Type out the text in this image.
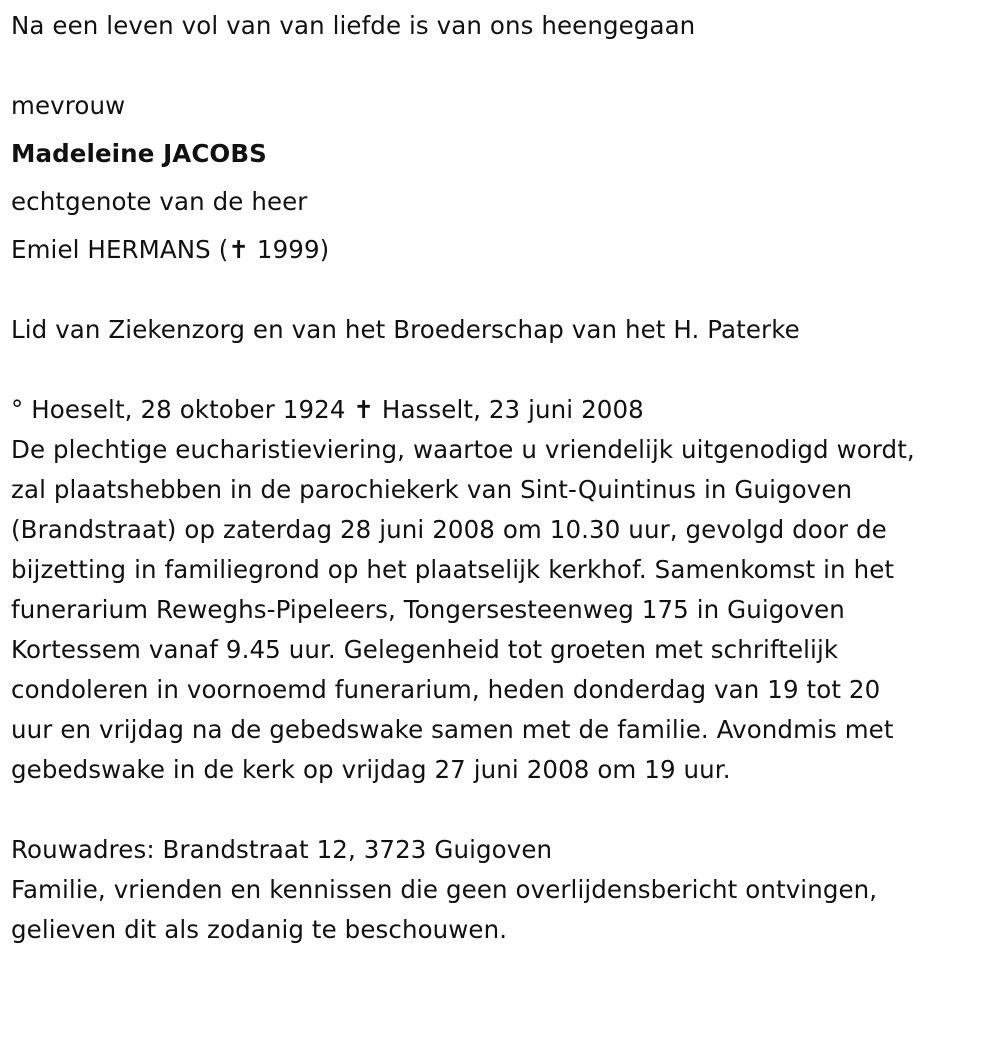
Na een leven vol van van liefde is van ons heengegaan
mevrouw
Madeleine JACOBS
echtgenote van de heer
Emiel HERMANS (✝ 1999)
Lid van Ziekenzorg en van het Broederschap van het H. Paterke
° Hoeselt, 28 oktober 1924 ✝ Hasselt, 23 juni 2008
De plechtige eucharistieviering, waartoe u vriendelijk uitgenodigd wordt,
zal plaatshebben in de parochiekerk van Sint-Quintinus in Guigoven
(Brandstraat) op zaterdag 28 juni 2008 om 10.30 uur, gevolgd door de
bijzetting in familiegrond op het plaatselijk kerkhof. Samenkomst in het
funerarium Reweghs-Pipeleers, Tongersesteenweg 175 in Guigoven
Kortessem vanaf 9.45 uur. Gelegenheid tot groeten met schriftelijk
condoleren in voornoemd funerarium, heden donderdag van 19 tot 20
uur en vrijdag na de gebedswake samen met de familie. Avondmis met
gebedswake in de kerk op vrijdag 27 juni 2008 om 19 uur.
Rouwadres: Brandstraat 12, 3723 Guigoven
Familie, vrienden en kennissen die geen overlijdensbericht ontvingen,
gelieven dit als zodanig te beschouwen.
